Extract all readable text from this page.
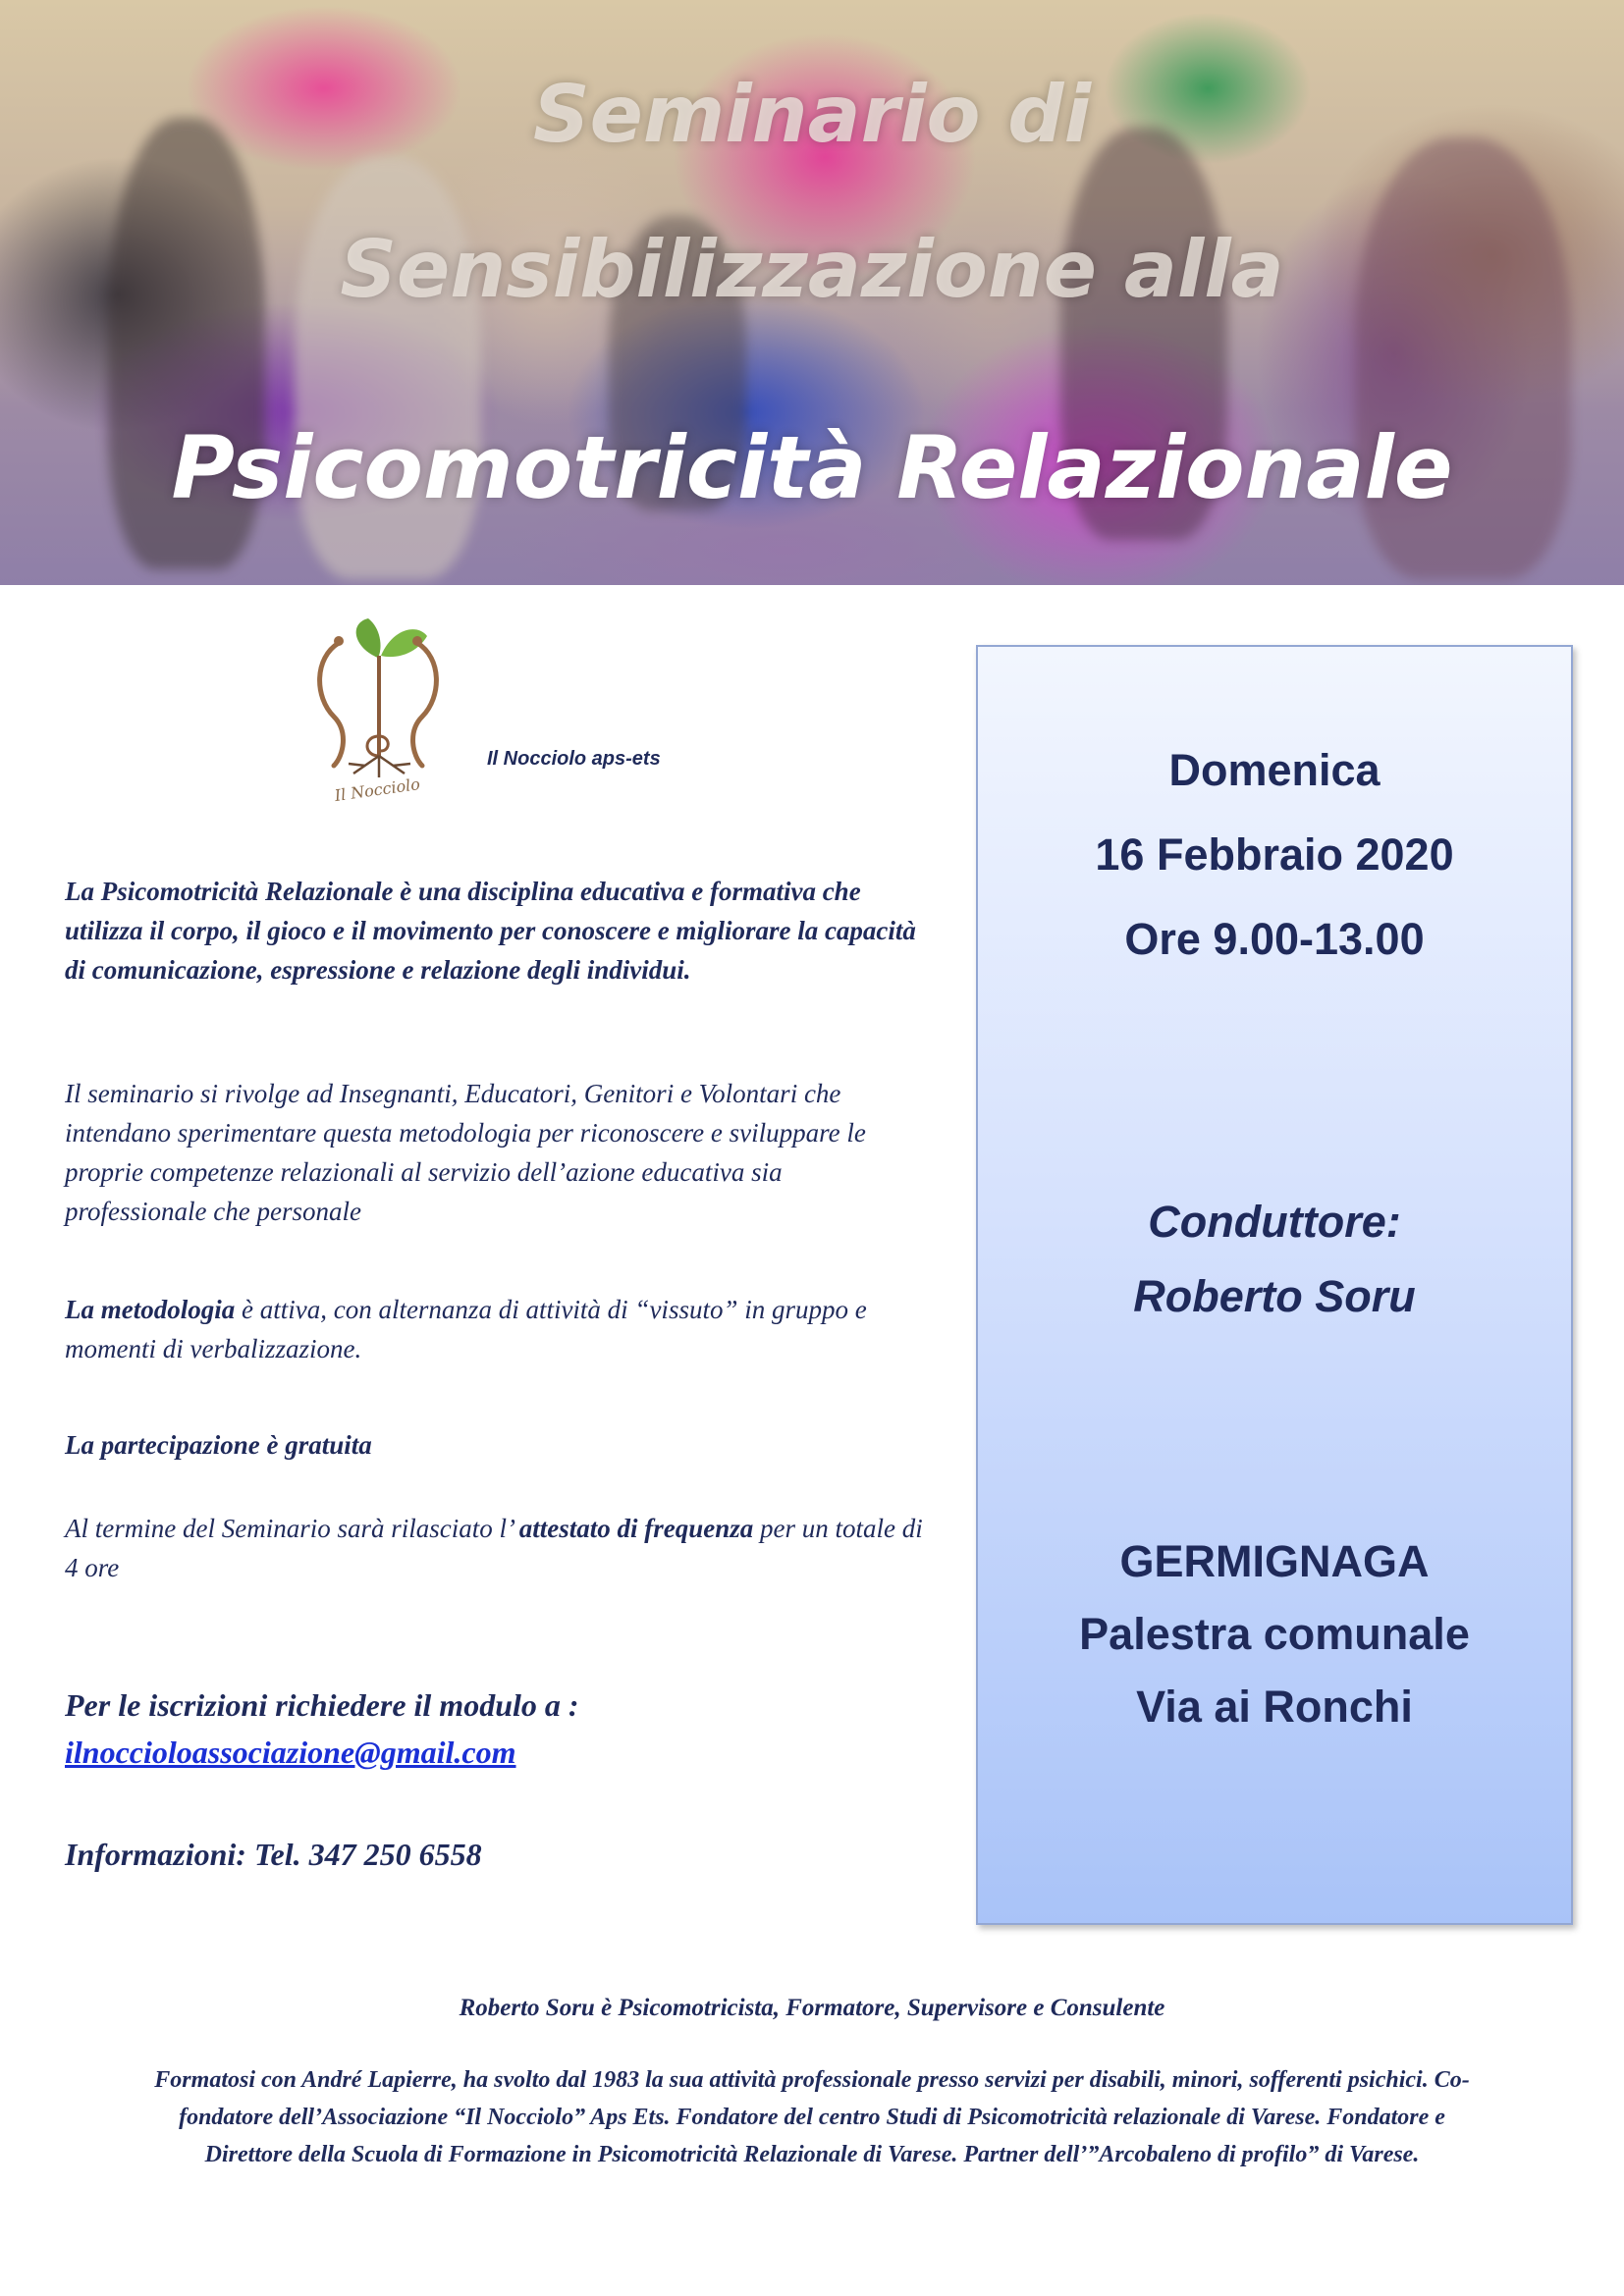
Seminario di

Sensibilizzazione alla

Psicomotricità Relazionale

Il Nocciolo
Il Nocciolo aps-ets

La Psicomotricità Relazionale è una disciplina educativa e formativa che utilizza il corpo, il gioco e il movimento per conoscere e migliorare la capacità di comunicazione, espressione e relazione degli individui.

Il seminario si rivolge ad Insegnanti, Educatori, Genitori e Volontari che intendano sperimentare questa metodologia per riconoscere e sviluppare le proprie competenze relazionali al servizio dell’azione educativa sia professionale che personale

La metodologia è attiva, con alternanza di attività di “vissuto” in gruppo e momenti di verbalizzazione.

La partecipazione è gratuita

Al termine del Seminario sarà rilasciato l’ attestato di frequenza per un totale di 4 ore

Per le iscrizioni richiedere il modulo a :
ilnoccioloassociazione@gmail.com
Informazioni: Tel. 347 250 6558
Domenica
16 Febbraio 2020
Ore 9.00-13.00
Conduttore:
Roberto Soru
GERMIGNAGA
Palestra comunale
Via ai Ronchi
Roberto Soru è Psicomotricista, Formatore, Supervisore e Consulente
Formatosi con André Lapierre, ha svolto dal 1983 la sua attività professionale presso servizi per disabili, minori, sofferenti psichici. Co-fondatore dell’Associazione “Il Nocciolo” Aps Ets. Fondatore del centro Studi di Psicomotricità relazionale di Varese. Fondatore e Direttore della Scuola di Formazione in Psicomotricità Relazionale di Varese. Partner dell’”Arcobaleno di profilo” di Varese.
